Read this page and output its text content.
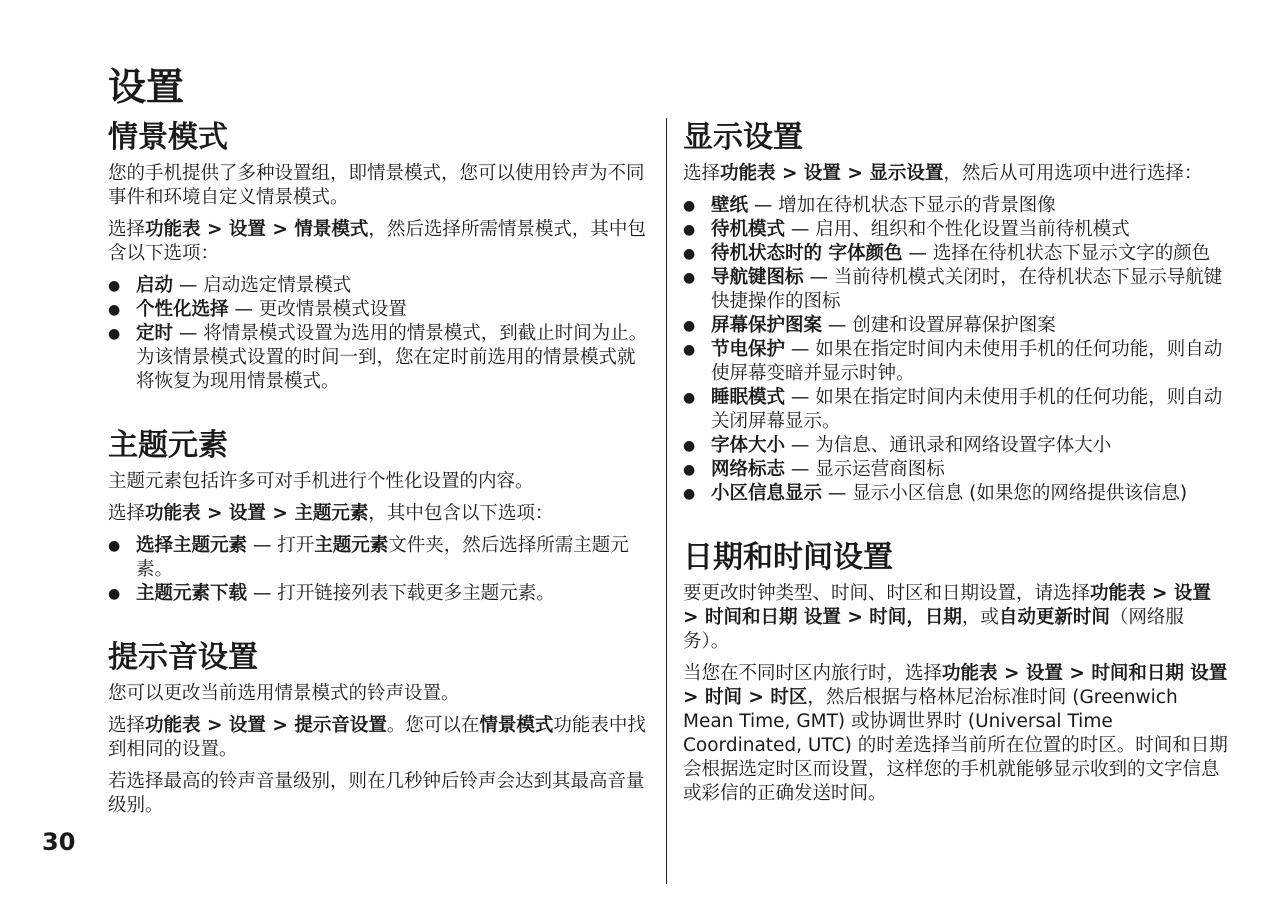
设置
情景模式

您的手机提供了多种设置组，即情景模式，您可以使用铃声为不同事件和环境自定义情景模式。

选择功能表 > 设置 > 情景模式，然后选择所需情景模式，其中包含以下选项：

● 启动 — 启动选定情景模式
● 个性化选择 — 更改情景模式设置
● 定时 — 将情景模式设置为选用的情景模式，到截止时间为止。为该情景模式设置的时间一到，您在定时前选用的情景模式就将恢复为现用情景模式。
主题元素

主题元素包括许多可对手机进行个性化设置的内容。

选择功能表 > 设置 > 主题元素，其中包含以下选项：

● 选择主题元素 — 打开主题元素文件夹，然后选择所需主题元素。
● 主题元素下载 — 打开链接列表下载更多主题元素。
提示音设置

您可以更改当前选用情景模式的铃声设置。

选择功能表 > 设置 > 提示音设置。您可以在情景模式功能表中找到相同的设置。

若选择最高的铃声音量级别，则在几秒钟后铃声会达到其最高音量级别。

显示设置

选择功能表 > 设置 > 显示设置，然后从可用选项中进行选择：

● 壁纸 — 增加在待机状态下显示的背景图像
● 待机模式 — 启用、组织和个性化设置当前待机模式
● 待机状态时的 字体颜色 — 选择在待机状态下显示文字的颜色
● 导航键图标 — 当前待机模式关闭时，在待机状态下显示导航键快捷操作的图标
● 屏幕保护图案 — 创建和设置屏幕保护图案
● 节电保护 — 如果在指定时间内未使用手机的任何功能，则自动使屏幕变暗并显示时钟。
● 睡眠模式 — 如果在指定时间内未使用手机的任何功能，则自动关闭屏幕显示。
● 字体大小 — 为信息、通讯录和网络设置字体大小
● 网络标志 — 显示运营商图标
● 小区信息显示 — 显示小区信息 (如果您的网络提供该信息)
日期和时间设置

要更改时钟类型、时间、时区和日期设置，请选择功能表 > 设置 > 时间和日期 设置 > 时间，日期，或自动更新时间（网络服务）。

当您在不同时区内旅行时，选择功能表 > 设置 > 时间和日期 设置 > 时间 > 时区，然后根据与格林尼治标准时间 (Greenwich Mean Time, GMT) 或协调世界时 (Universal Time Coordinated, UTC) 的时差选择当前所在位置的时区。时间和日期会根据选定时区而设置，这样您的手机就能够显示收到的文字信息或彩信的正确发送时间。

30
